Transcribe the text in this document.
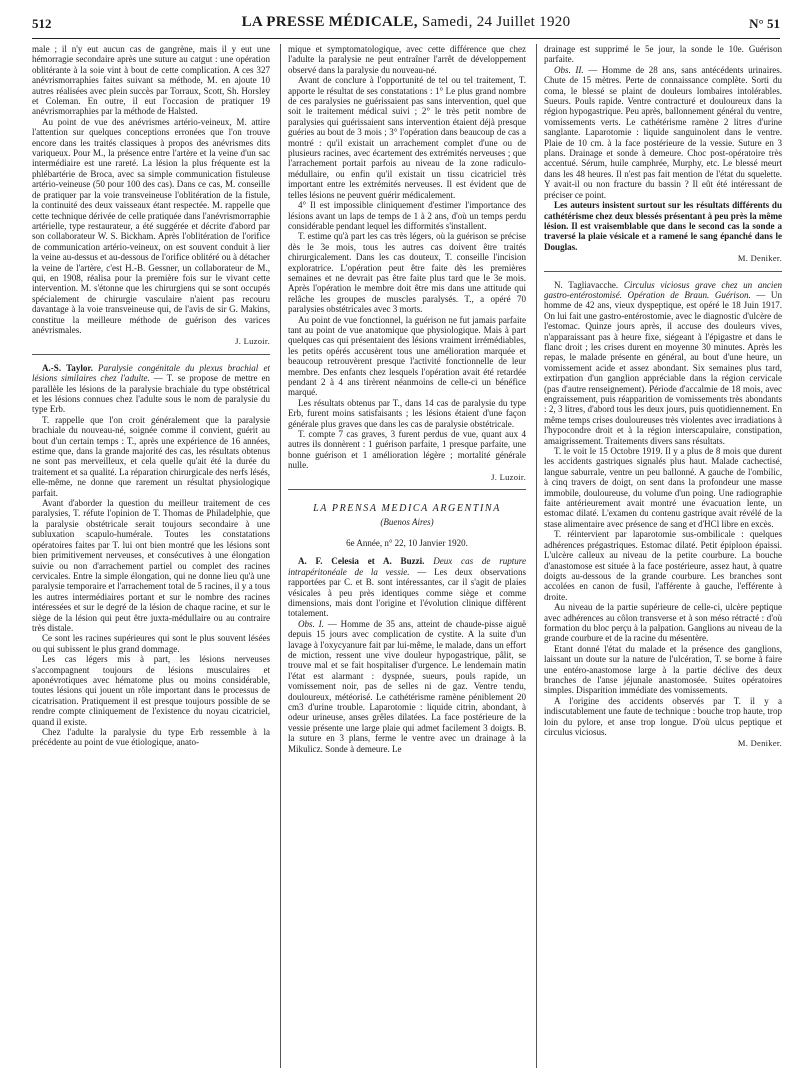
512	LA PRESSE MÉDICALE, Samedi, 24 Juillet 1920	N° 51

male ; il n'y eut aucun cas de gangrène, mais il y eut une hémorragie secondaire après une suture au catgut : une opération oblitérante à la soie vint à bout de cette complication. A ces 327 anévrismorraphies faites suivant sa méthode, M. en ajoute 10 autres réalisées avec plein succès par Torraux, Scott, Sh. Horsley et Coleman. En outre, il eut l'occasion de pratiquer 19 anévrismorraphies par la méthode de Halsted.

Au point de vue des anévrismes artério-veineux, M. attire l'attention sur quelques conceptions erronées que l'on trouve encore dans les traités classiques à propos des anévrismes dits variqueux. Pour M., la présence entre l'artère et la veine d'un sac intermédiaire est une rareté. La lésion la plus fréquente est la phlébartérie de Broca, avec sa simple communication fistuleuse artério-veineuse (50 pour 100 des cas). Dans ce cas, M. conseille de pratiquer par la voie transveineuse l'oblitération de la fistule, la continuité des deux vaisseaux étant respectée. M. rappelle que cette technique dérivée de celle pratiquée dans l'anévrismorraphie artérielle, type restaurateur, a été suggérée et décrite d'abord par son collaborateur W. S. Bickham. Après l'oblitération de l'orifice de communication artério-veineux, on est souvent conduit à lier la veine au-dessus et au-dessous de l'orifice oblitéré ou à détacher la veine de l'artère, c'est H.-B. Gessner, un collaborateur de M., qui, en 1908, réalisa pour la première fois sur le vivant cette intervention. M. s'étonne que les chirurgiens qui se sont occupés spécialement de chirurgie vasculaire n'aient pas recouru davantage à la voie transveineuse qui, de l'avis de sir G. Makins, constitue la meilleure méthode de guérison des varices anévrismales.

J. Luzoir.

A.-S. Taylor. Paralysie congénitale du plexus brachial et lésions similaires chez l'adulte. — T. se propose de mettre en parallèle les lésions de la paralysie brachiale du type obstétrical et les lésions connues chez l'adulte sous le nom de paralysie du type Erb.

T. rappelle que l'on croit généralement que la paralysie brachiale du nouveau-né, soignée comme il convient, guérit au bout d'un certain temps : T., après une expérience de 16 années, estime que, dans la grande majorité des cas, les résultats obtenus ne sont pas merveilleux, et cela quelle qu'ait été la durée du traitement et sa qualité. La réparation chirurgicale des nerfs lésés, elle-même, ne donne que rarement un résultat physiologique parfait.

Avant d'aborder la question du meilleur traitement de ces paralysies, T. réfute l'opinion de T. Thomas de Philadelphie, que la paralysie obstétricale serait toujours secondaire à une subluxation scapulo-humérale. Toutes les constatations opératoires faites par T. lui ont bien montré que les lésions sont bien primitivement nerveuses, et consécutives à une élongation suivie ou non d'arrachement partiel ou complet des racines cervicales. Entre la simple élongation, qui ne donne lieu qu'à une paralysie temporaire et l'arrachement total de 5 racines, il y a tous les autres intermédiaires portant et sur le nombre des racines intéressées et sur le degré de la lésion de chaque racine, et sur le siège de la lésion qui peut être juxta-médullaire ou au contraire très distale.

Ce sont les racines supérieures qui sont le plus souvent lésées ou qui subissent le plus grand dommage.

Les cas légers mis à part, les lésions nerveuses s'accompagnent toujours de lésions musculaires et aponévrotiques avec hématome plus ou moins considérable, toutes lésions qui jouent un rôle important dans le processus de cicatrisation. Pratiquement il est presque toujours possible de se rendre compte cliniquement de l'existence du noyau cicatriciel, quand il existe.

Chez l'adulte la paralysie du type Erb ressemble à la précédente au point de vue étiologique, anato-

mique et symptomatologique, avec cette différence que chez l'adulte la paralysie ne peut entraîner l'arrêt de développement observé dans la paralysie du nouveau-né.

Avant de conclure à l'opportunité de tel ou tel traitement, T. apporte le résultat de ses constatations : 1° Le plus grand nombre de ces paralysies ne guérissaient pas sans intervention, quel que soit le traitement médical suivi ; 2° le très petit nombre de paralysies qui guérissaient sans intervention étaient déjà presque guéries au bout de 3 mois ; 3° l'opération dans beaucoup de cas a montré : qu'il existait un arrachement complet d'une ou de plusieurs racines, avec écartement des extrémités nerveuses ; que l'arrachement portait parfois au niveau de la zone radiculo-médullaire, ou enfin qu'il existait un tissu cicatriciel très important entre les extrémités nerveuses. Il est évident que de telles lésions ne peuvent guérir médicalement.

4° Il est impossible cliniquement d'estimer l'importance des lésions avant un laps de temps de 1 à 2 ans, d'où un temps perdu considérable pendant lequel les difformités s'installent.

T. estime qu'à part les cas très légers, où la guérison se précise dès le 3e mois, tous les autres cas doivent être traités chirurgicalement. Dans les cas douteux, T. conseille l'incision exploratrice. L'opération peut être faite dès les premières semaines et ne devrait pas être faite plus tard que le 3e mois. Après l'opération le membre doit être mis dans une attitude qui relâche les groupes de muscles paralysés. T., a opéré 70 paralysies obstétricales avec 3 morts.

Au point de vue fonctionnel, la guérison ne fut jamais parfaite tant au point de vue anatomique que physiologique. Mais à part quelques cas qui présentaient des lésions vraiment irrémédiables, les petits opérés accusèrent tous une amélioration marquée et beaucoup retrouvèrent presque l'activité fonctionnelle de leur membre. Des enfants chez lesquels l'opération avait été retardée pendant 2 à 4 ans tirèrent néanmoins de celle-ci un bénéfice marqué.

Les résultats obtenus par T., dans 14 cas de paralysie du type Erb, furent moins satisfaisants ; les lésions étaient d'une façon générale plus graves que dans les cas de paralysie obstétricale.

T. compte 7 cas graves, 3 furent perdus de vue, quant aux 4 autres ils donnèrent : 1 guérison parfaite, 1 presque parfaite, une bonne guérison et 1 amélioration légère ; mortalité générale nulle.

J. Luzoir.

LA PRENSA MEDICA ARGENTINA

(Buenos Aires)

6e Année, n° 22, 10 Janvier 1920.

A. F. Celesia et A. Buzzi. Deux cas de rupture intrapéritonéale de la vessie. — Les deux observations rapportées par C. et B. sont intéressantes, car il s'agit de plaies vésicales à peu près identiques comme siège et comme dimensions, mais dont l'origine et l'évolution clinique diffèrent totalement.

Obs. I. — Homme de 35 ans, atteint de chaude-pisse aiguë depuis 15 jours avec complication de cystite. A la suite d'un lavage à l'oxycyanure fait par lui-même, le malade, dans un effort de miction, ressent une vive douleur hypogastrique, pâlit, se trouve mal et se fait hospitaliser d'urgence. Le lendemain matin l'état est alarmant : dyspnée, sueurs, pouls rapide, un vomissement noir, pas de selles ni de gaz. Ventre tendu, douloureux, météorisé. Le cathétérisme ramène péniblement 20 cm3 d'urine trouble. Laparotomie : liquide citrin, abondant, à odeur urineuse, anses grêles dilatées. La face postérieure de la vessie présente une large plaie qui admet facilement 3 doigts. B. la suture en 3 plans, ferme le ventre avec un drainage à la Mikulicz. Sonde à demeure. Le

drainage est supprimé le 5e jour, la sonde le 10e. Guérison parfaite.

Obs. II. — Homme de 28 ans, sans antécédents urinaires. Chute de 15 mètres. Perte de connaissance complète. Sorti du coma, le blessé se plaint de douleurs lombaires intolérables. Sueurs. Pouls rapide. Ventre contracturé et douloureux dans la région hypogastrique. Peu après, ballonnement général du ventre, vomissements verts. Le cathétérisme ramène 2 litres d'urine sanglante. Laparotomie : liquide sanguinolent dans le ventre. Plaie de 10 cm. à la face postérieure de la vessie. Suture en 3 plans. Drainage et sonde à demeure. Choc post-opératoire très accentué. Sérum, huile camphrée, Murphy, etc. Le blessé meurt dans les 48 heures. Il n'est pas fait mention de l'état du squelette. Y avait-il ou non fracture du bassin ? Il eût été intéressant de préciser ce point.

Les auteurs insistent surtout sur les résultats différents du cathétérisme chez deux blessés présentant à peu près la même lésion. Il est vraisemblable que dans le second cas la sonde a traversé la plaie vésicale et a ramené le sang épanché dans le Douglas.

M. Deniker.

N. Tagliavacche. Circulus viciosus grave chez un ancien gastro-entérostomisé. Opération de Braun. Guérison. — Un homme de 42 ans, vieux dyspeptique, est opéré le 18 Juin 1917. On lui fait une gastro-entérostomie, avec le diagnostic d'ulcère de l'estomac. Quinze jours après, il accuse des douleurs vives, n'apparaissant pas à heure fixe, siégeant à l'épigastre et dans le flanc droit ; les crises durent en moyenne 30 minutes. Après les repas, le malade présente en général, au bout d'une heure, un vomissement acide et assez abondant. Six semaines plus tard, extirpation d'un ganglion appréciable dans la région cervicale (pas d'autre renseignement). Période d'accalmie de 18 mois, avec engraissement, puis réapparition de vomissements très abondants : 2, 3 litres, d'abord tous les deux jours, puis quotidiennement. En même temps crises douloureuses très violentes avec irradiations à l'hypocondre droit et à la région interscapulaire, constipation, amaigrissement. Traitements divers sans résultats.

T. le voit le 15 Octobre 1919. Il y a plus de 8 mois que durent les accidents gastriques signalés plus haut. Malade cachectisé, langue saburrale, ventre un peu ballonné. A gauche de l'ombilic, à cinq travers de doigt, on sent dans la profondeur une masse immobile, douloureuse, du volume d'un poing. Une radiographie faite antérieurement avait montré une évacuation lente, un estomac dilaté. L'examen du contenu gastrique avait révélé de la stase alimentaire avec présence de sang et d'HCl libre en excès.

T. réintervient par laparotomie sus-ombilicale : quelques adhérences prégastriques. Estomac dilaté. Petit épiploon épaissi. L'ulcère calleux au niveau de la petite courbure. La bouche d'anastomose est située à la face postérieure, assez haut, à quatre doigts au-dessous de la grande courbure. Les branches sont accolées en canon de fusil, l'afférente à gauche, l'efférente à droite.

Au niveau de la partie supérieure de celle-ci, ulcère peptique avec adhérences au côlon transverse et à son méso rétracté : d'où formation du bloc perçu à la palpation. Ganglions au niveau de la grande courbure et de la racine du mésentère.

Etant donné l'état du malade et la présence des ganglions, laissant un doute sur la nature de l'ulcération, T. se borne à faire une entéro-anastomose large à la partie déclive des deux branches de l'anse jéjunale anastomosée. Suites opératoires simples. Disparition immédiate des vomissements.

A l'origine des accidents observés par T. il y a indiscutablement une faute de technique : bouche trop haute, trop loin du pylore, et anse trop longue. D'où ulcus peptique et circulus viciosus.

M. Deniker.
